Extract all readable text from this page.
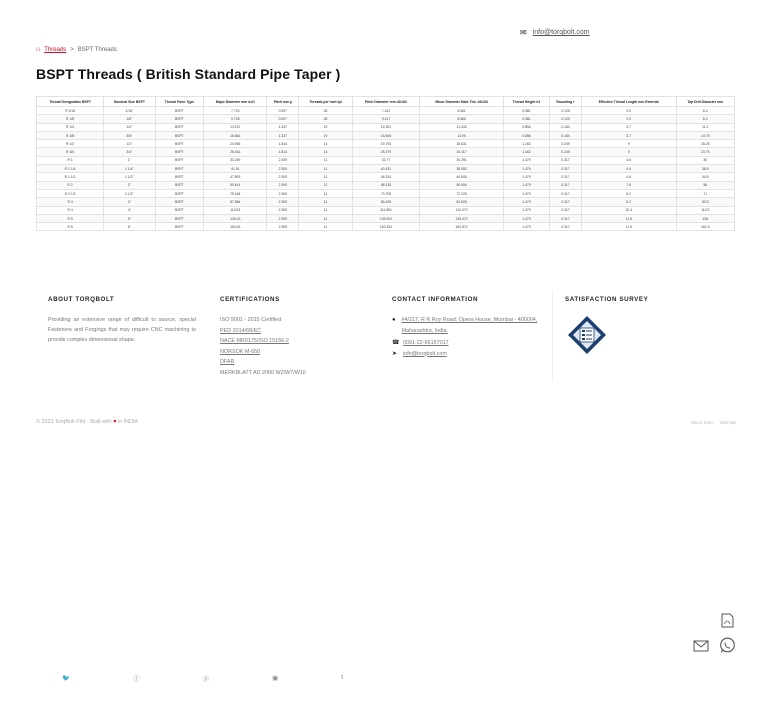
✉ info@torqbolt.com
⌂ Threads > BSPT Threads
BSPT Threads ( British Standard Pipe Taper )
Thread Designation BSPT	Nominal Size BSPT	Thread Form Type	Major Diameter mm d=D	Pitch mm p	Threads per inch tpi	Pitch Diameter mm d2=D2	Minor Diameter Male Thd. d3=D3	Thread Height h1	Rounding r	Effective Thread Length mm External	Tap Drill Diameter mm
R 1/16	1/16"	BSPT	7.723	0.907	28	7.142	6.561	0.581	0.125	3.9	6.4
R 1/8	1/8"	BSPT	9.728	0.907	28	9.147	8.566	0.581	0.125	3.9	8.4
R 1/4	1/4"	BSPT	13.157	1.337	19	12.301	11.445	0.856	0.184	3.7	11.2
R 3/8	3/8"	BSPT	16.662	1.337	19	15.806	14.95	0.856	0.184	3.7	14.75
R 1/2	1/2"	BSPT	20.955	1.814	14	19.793	18.631	1.162	0.249	9	18.25
R 3/4	3/4"	BSPT	26.441	1.814	14	25.279	24.117	1.162	0.249	9	23.75
R 1	1"	BSPT	33.249	2.309	11	31.77	30.291	1.479	0.317	4.6	30
R 1 1/4	1 1/4"	BSPT	41.91	2.309	11	40.431	38.952	1.479	0.317	4.6	38.5
R 1 1/2	1 1/2"	BSPT	47.803	2.309	11	46.324	44.845	1.479	0.317	4.6	44.5
R 2	2"	BSPT	59.614	2.309	11	58.135	56.656	1.479	0.317	7.6	56
R 2 1/2	2 1/2"	BSPT	75.184	2.309	11	73.705	72.226	1.479	0.317	9.2	71
R 3	3"	BSPT	87.884	2.309	11	86.405	84.926	1.479	0.317	9.2	83.5
R 4	4"	BSPT	113.03	2.309	11	111.551	110.072	1.479	0.317	10.4	110.5
R 5	5"	BSPT	138.43	2.309	11	136.951	135.472	1.479	0.317	11.5	136
R 6	6"	BSPT	163.83	2.309	11	162.351	160.872	1.479	0.317	11.5	161.5
ABOUT TORQBOLT

Providing an extensive range of difficult to source, special Fasteners and Forgings that may require CNC machining to provide complex dimensional shape.

CERTIFICATIONS
ISO 9001 - 2015 Certified
PED 2014/68/EC
NACE MR0175/ISO 15156-2
NORSOK M-650
DFAR
MERKBLATT AD 2000 W2/W7/W10
CONTACT INFORMATION
● #4/217, R R Roy Road, Opera House, Mumbai - 400004, Maharashtra, India.
☎ 0091-22-66157017
➤ info@torqbolt.com
SATISFACTION SURVEY
© 2023 TorqBolt Pltd - Built with ♥ in INDIA	Micro Sites Sitemap
🐦	ⓕ	ⓟ	▣	t
